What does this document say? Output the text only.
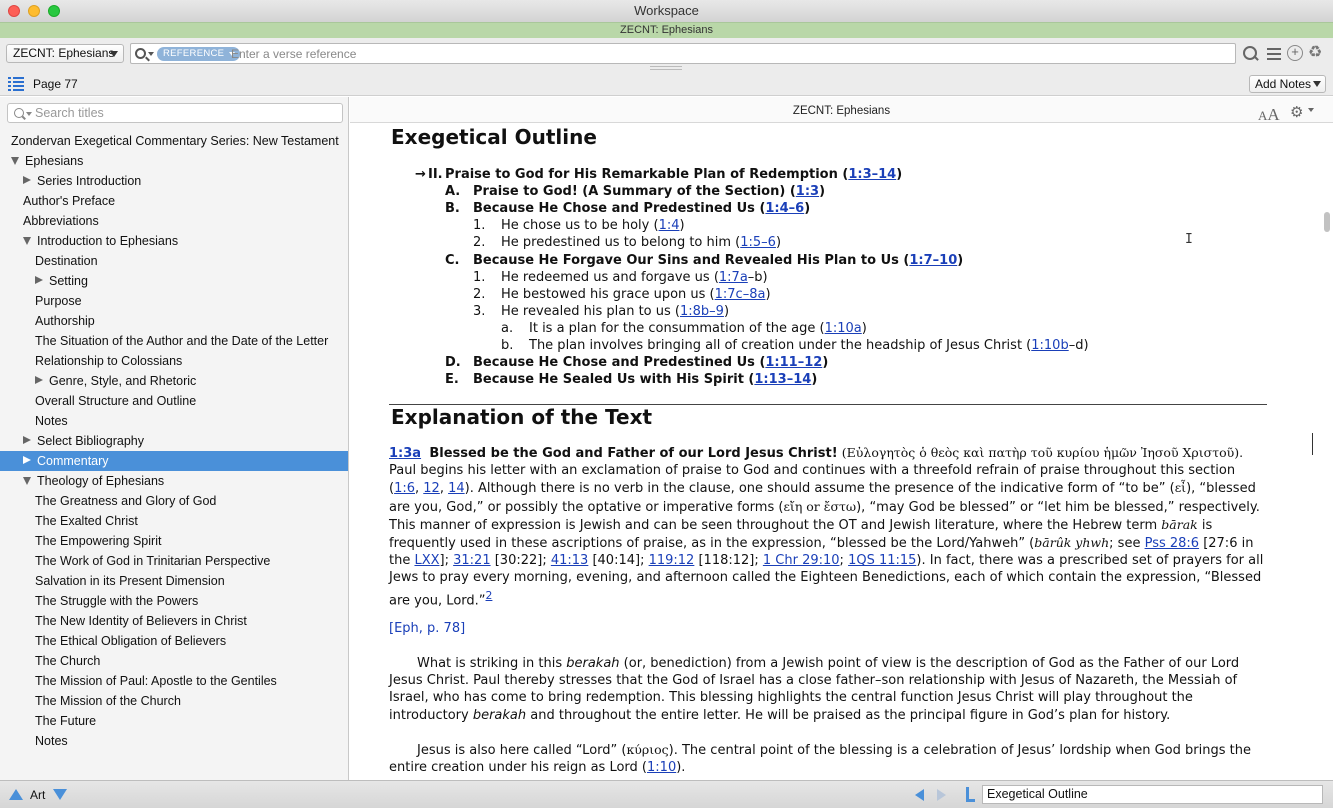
Workspace
ZECNT: Ephesians
ZECNT: Ephesians	REFERENCE
Enter a verse reference
+	♻
Page 77	Add Notes
Search titles
Zondervan Exegetical Commentary Series: New Testament
Ephesians
Series Introduction
Author's Preface
Abbreviations
Introduction to Ephesians
Destination
Setting
Purpose
Authorship
The Situation of the Author and the Date of the Letter
Relationship to Colossians
Genre, Style, and Rhetoric
Overall Structure and Outline
Notes
Select Bibliography
Commentary
Theology of Ephesians
The Greatness and Glory of God
The Exalted Christ
The Empowering Spirit
The Work of God in Trinitarian Perspective
Salvation in its Present Dimension
The Struggle with the Powers
The New Identity of Believers in Christ
The Ethical Obligation of Believers
The Church
The Mission of Paul: Apostle to the Gentiles
The Mission of the Church
The Future
Notes
ZECNT: Ephesians	AA ⚙
Exegetical Outline
→ II. Praise to God for His Remarkable Plan of Redemption (1:3–14)
A. Praise to God! (A Summary of the Section) (1:3)
B. Because He Chose and Predestined Us (1:4–6)
1. He chose us to be holy (1:4)
2. He predestined us to belong to him (1:5–6)
C. Because He Forgave Our Sins and Revealed His Plan to Us (1:7–10)
1. He redeemed us and forgave us (1:7a–b)
2. He bestowed his grace upon us (1:7c–8a)
3. He revealed his plan to us (1:8b–9)
a. It is a plan for the consummation of the age (1:10a)
b. The plan involves bringing all of creation under the headship of Jesus Christ (1:10b–d)
D. Because He Chose and Predestined Us (1:11–12)
E. Because He Sealed Us with His Spirit (1:13–14)
Explanation of the Text
I
1:3a Blessed be the God and Father of our Lord Jesus Christ! (Εὐλογητὸς ὁ θεὸς καὶ πατὴρ τοῦ κυρίου ἡμῶν Ἰησοῦ Χριστοῦ). Paul begins his letter with an exclamation of praise to God and continues with a threefold refrain of praise throughout this section (1:6, 12, 14). Although there is no verb in the clause, one should assume the presence of the indicative form of “to be” (εἶ), “blessed are you, God,” or possibly the optative or imperative forms (εἴη or ἔστω), “may God be blessed” or “let him be blessed,” respectively. This manner of expression is Jewish and can be seen throughout the OT and Jewish literature, where the Hebrew term bārak is frequently used in these ascriptions of praise, as in the expression, “blessed be the Lord/Yahweh” (bārûk yhwh; see Pss 28:6 [27:6 in the LXX]; 31:21 [30:22]; 41:13 [40:14]; 119:12 [118:12]; 1 Chr 29:10; 1QS 11:15). In fact, there was a prescribed set of prayers for all Jews to pray every morning, evening, and afternoon called the Eighteen Benedictions, each of which contain the expression, “Blessed are you, Lord.”$^2$
[Eph, p. 78]
What is striking in this berakah (or, benediction) from a Jewish point of view is the description of God as the Father of our Lord Jesus Christ. Paul thereby stresses that the God of Israel has a close father–son relationship with Jesus of Nazareth, the Messiah of Israel, who has come to bring redemption. This blessing highlights the central function Jesus Christ will play throughout the introductory berakah and throughout the entire letter. He will be praised as the principal figure in God’s plan for history.
Jesus is also here called “Lord” (κύριος). The central point of the blessing is a celebration of Jesus’ lordship when God brings the entire creation under his reign as Lord (1:10).
Art	Exegetical Outline
